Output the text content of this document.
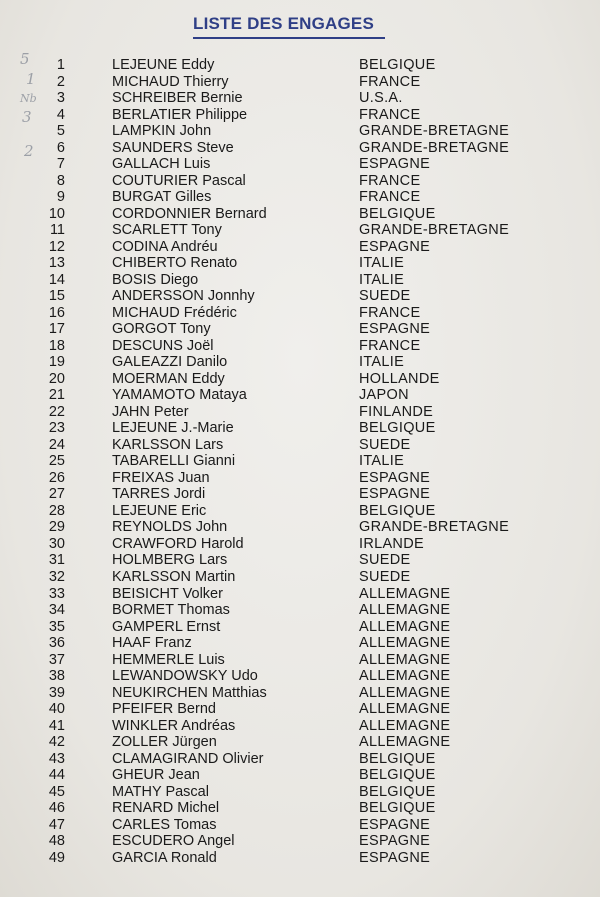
LISTE DES ENGAGES
5
1
Nb
3
2
1	LEJEUNE Eddy	BELGIQUE
2	MICHAUD Thierry	FRANCE
3	SCHREIBER Bernie	U.S.A.
4	BERLATIER Philippe	FRANCE
5	LAMPKIN John	GRANDE-BRETAGNE
6	SAUNDERS Steve	GRANDE-BRETAGNE
7	GALLACH Luis	ESPAGNE
8	COUTURIER Pascal	FRANCE
9	BURGAT Gilles	FRANCE
10	CORDONNIER Bernard	BELGIQUE
11	SCARLETT Tony	GRANDE-BRETAGNE
12	CODINA Andréu	ESPAGNE
13	CHIBERTO Renato	ITALIE
14	BOSIS Diego	ITALIE
15	ANDERSSON Jonnhy	SUEDE
16	MICHAUD Frédéric	FRANCE
17	GORGOT Tony	ESPAGNE
18	DESCUNS Joël	FRANCE
19	GALEAZZI Danilo	ITALIE
20	MOERMAN Eddy	HOLLANDE
21	YAMAMOTO Mataya	JAPON
22	JAHN Peter	FINLANDE
23	LEJEUNE J.-Marie	BELGIQUE
24	KARLSSON Lars	SUEDE
25	TABARELLI Gianni	ITALIE
26	FREIXAS Juan	ESPAGNE
27	TARRES Jordi	ESPAGNE
28	LEJEUNE Eric	BELGIQUE
29	REYNOLDS John	GRANDE-BRETAGNE
30	CRAWFORD Harold	IRLANDE
31	HOLMBERG Lars	SUEDE
32	KARLSSON Martin	SUEDE
33	BEISICHT Volker	ALLEMAGNE
34	BORMET Thomas	ALLEMAGNE
35	GAMPERL Ernst	ALLEMAGNE
36	HAAF Franz	ALLEMAGNE
37	HEMMERLE Luis	ALLEMAGNE
38	LEWANDOWSKY Udo	ALLEMAGNE
39	NEUKIRCHEN Matthias	ALLEMAGNE
40	PFEIFER Bernd	ALLEMAGNE
41	WINKLER Andréas	ALLEMAGNE
42	ZOLLER Jürgen	ALLEMAGNE
43	CLAMAGIRAND Olivier	BELGIQUE
44	GHEUR Jean	BELGIQUE
45	MATHY Pascal	BELGIQUE
46	RENARD Michel	BELGIQUE
47	CARLES Tomas	ESPAGNE
48	ESCUDERO Angel	ESPAGNE
49	GARCIA Ronald	ESPAGNE
